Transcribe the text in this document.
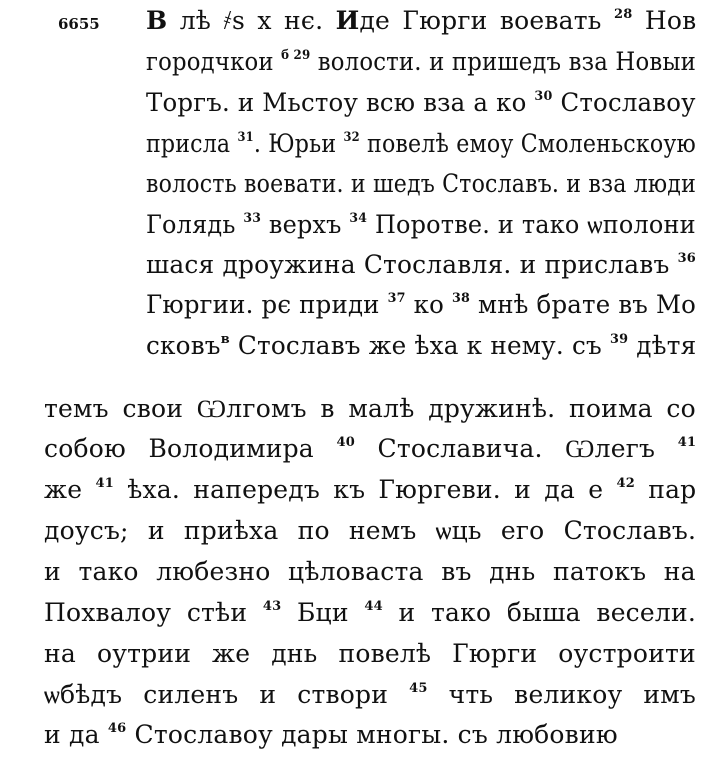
6655 В лѣ ҂s х нє. Иде Гюрги воевать $^{28}$ Нов
городчкои $^{б 29}$ волости. и пришедъ вза Новыи
Торгъ. и Мьстоу всю вза а ко $^{30}$ Стославоу
присла $^{31}$. Юрьи $^{32}$ повелѣ емоу Смоленьскоую
волость воевати. и шедъ Стославъ. и вза люди
Голядь $^{33}$ верхъ $^{34}$ Поротве. и тако ѡполони
шася дроужина Стославля. и приславъ $^{36}$
Гюргии. рє приди $^{37}$ ко $^{38}$ мнѣ брате въ Мо
сковъ$^в$ Стославъ же ѣха к нему. съ $^{39}$ дѣтя
темъ свои Ѡлгомъ в малѣ дружинѣ. поима со
собою Володимира $^{40}$ Стославича. Ѡлегъ $^{41}$
же $^{41}$ ѣха. напередъ къ Гюргеви. и да е $^{42}$ пар
доусъ; и приѣха по немъ ѡць его Стославъ.
и тако любезно цѣловаста въ днь патокъ на
Похвалоу стѣи $^{43}$ Бци $^{44}$ и тако быша весели.
на оутрии же днь повелѣ Гюрги оустроити
ѡбѣдъ силенъ и створи $^{45}$ чть великоу имъ
и да $^{46}$ Стославоу дары многы. съ любовию
